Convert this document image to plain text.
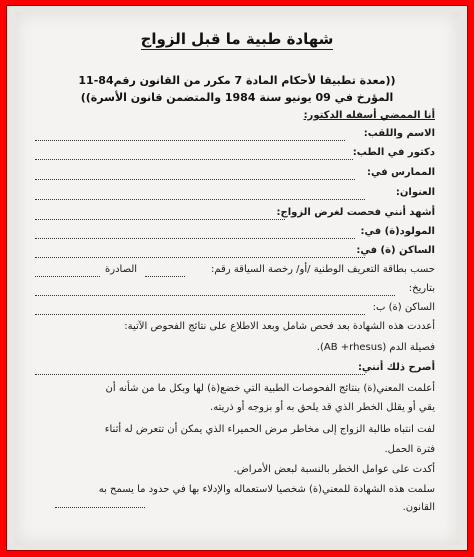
شهادة طبية ما قبل الزواج
((معدة تطبيقا لأحكام المادة 7 مكرر من القانون رقم84-11
المؤرخ في 09 يونيو سنة 1984 والمتضمن قانون الأسرة))
أنا الممضي أسفله الدكتور:
الاسم واللقب:
دكتور في الطب:
الممارس في:
العنوان:
أشهد أنني فحصت لغرض الزواج:
المولود(ة) في:
الساكن (ة) في:
حسب بطاقة التعريف الوطنية /أو/ رخصة السياقة رقم:
الصادرة
بتاريخ:
الساكن (ة) ب:
أعددت هذه الشهادة بعد فحص شامل وبعد الاطلاع على نتائج الفحوص الآتية:
فصيلة الدم (AB +rhesus).
أصرح ذلك أنني:
أعلمت المعني(ة) بنتائج الفحوصات الطبية التي خضع(ة) لها وبكل ما من شأنه أن
يقي أو يقلل الخطر الذي قد يلحق به أو بزوجه أو ذريته.
لفت انتباه طالبة الزواج إلى مخاطر مرض الحميراء الذي يمكن أن تتعرض له أثناء
فترة الحمل.
أكدت على عوامل الخطر بالنسبة لبعض الأمراض.
سلمت هذه الشهادة للمعني(ة) شخصيا لاستعماله والإدلاء بها في حدود ما يسمح به
القانون.
